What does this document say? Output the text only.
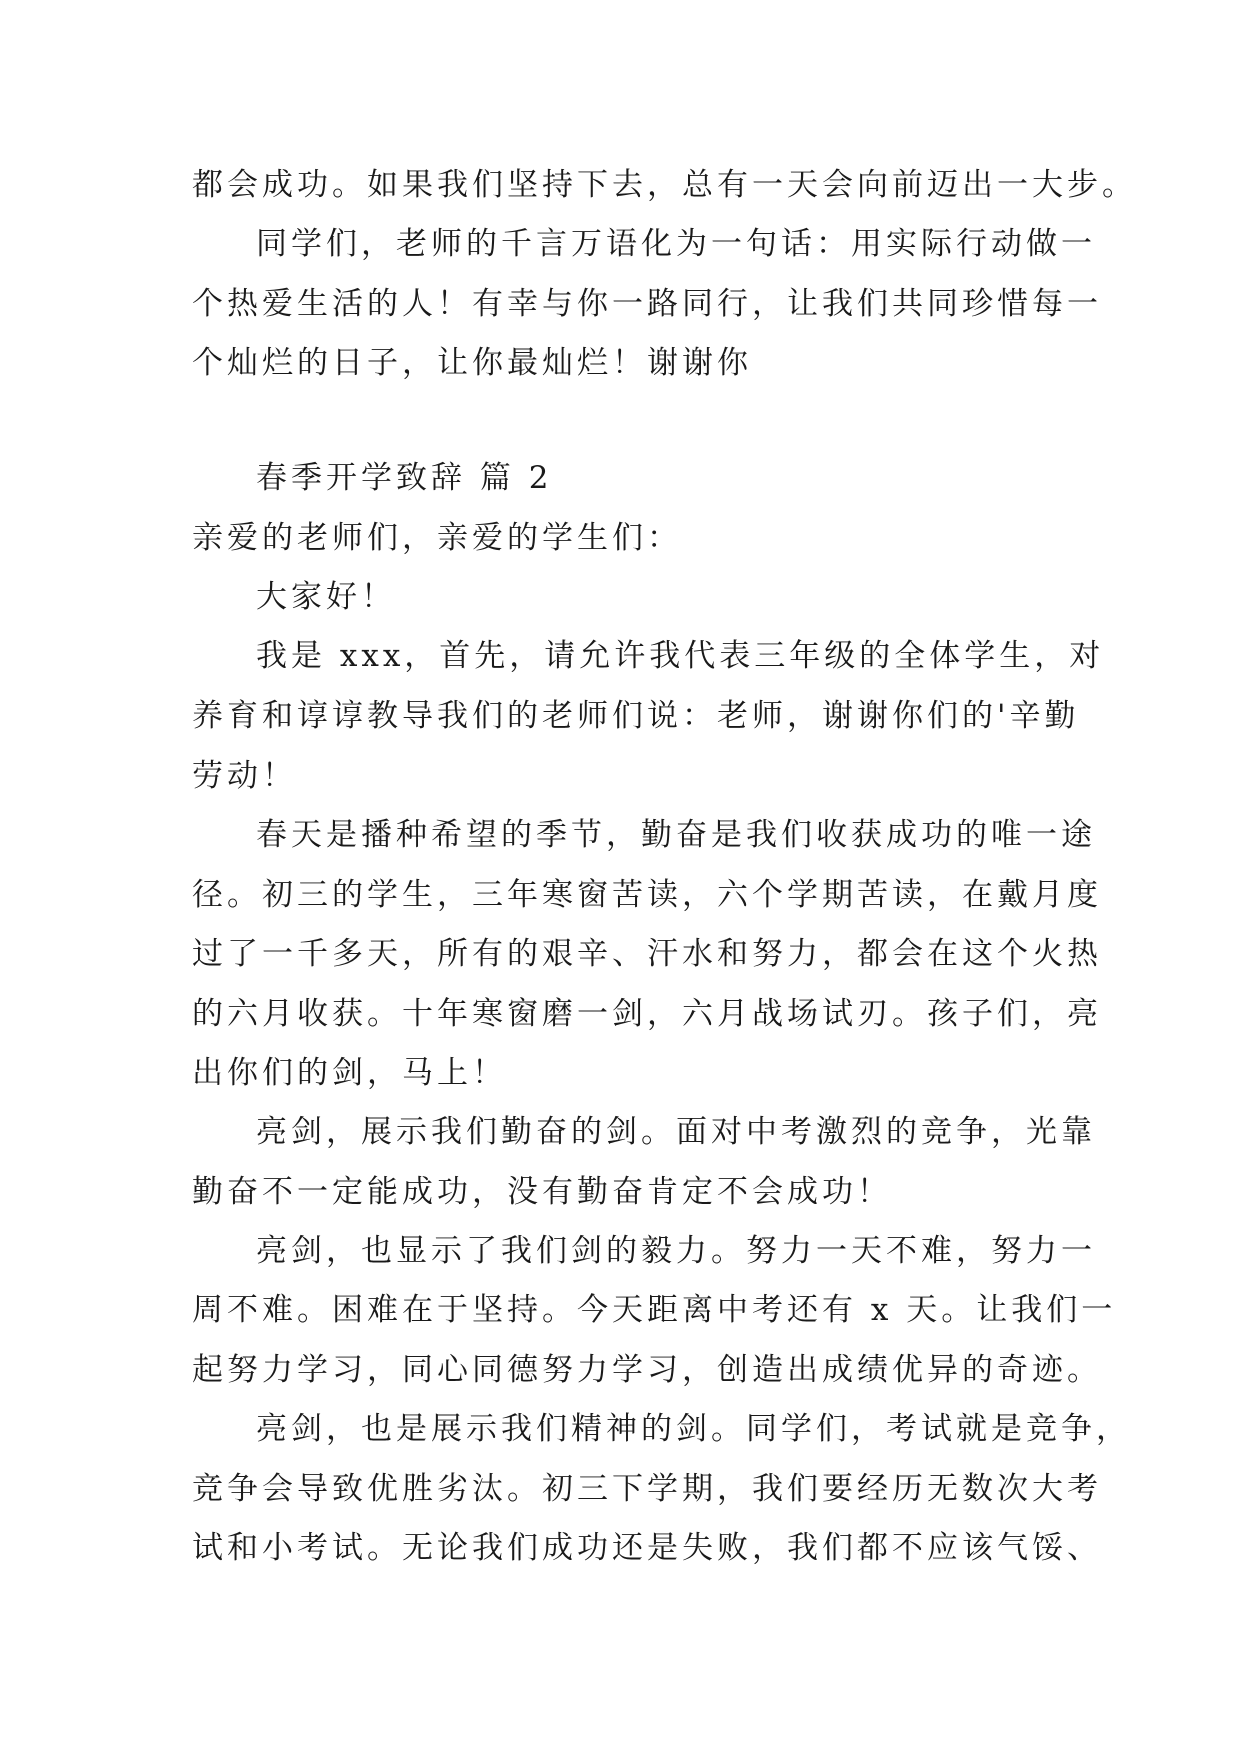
都会成功。如果我们坚持下去，总有一天会向前迈出一大步。
同学们，老师的千言万语化为一句话：用实际行动做一
个热爱生活的人！有幸与你一路同行，让我们共同珍惜每一
个灿烂的日子，让你最灿烂！谢谢你
春季开学致辞 篇 2
亲爱的老师们，亲爱的学生们：
大家好！
我是 xxx，首先，请允许我代表三年级的全体学生，对
养育和谆谆教导我们的老师们说：老师，谢谢你们的'辛勤
劳动！
春天是播种希望的季节，勤奋是我们收获成功的唯一途
径。初三的学生，三年寒窗苦读，六个学期苦读，在戴月度
过了一千多天，所有的艰辛、汗水和努力，都会在这个火热
的六月收获。十年寒窗磨一剑，六月战场试刃。孩子们，亮
出你们的剑，马上！
亮剑，展示我们勤奋的剑。面对中考激烈的竞争，光靠
勤奋不一定能成功，没有勤奋肯定不会成功！
亮剑，也显示了我们剑的毅力。努力一天不难，努力一
周不难。困难在于坚持。今天距离中考还有 x 天。让我们一
起努力学习，同心同德努力学习，创造出成绩优异的奇迹。
亮剑，也是展示我们精神的剑。同学们，考试就是竞争，
竞争会导致优胜劣汰。初三下学期，我们要经历无数次大考
试和小考试。无论我们成功还是失败，我们都不应该气馁、
